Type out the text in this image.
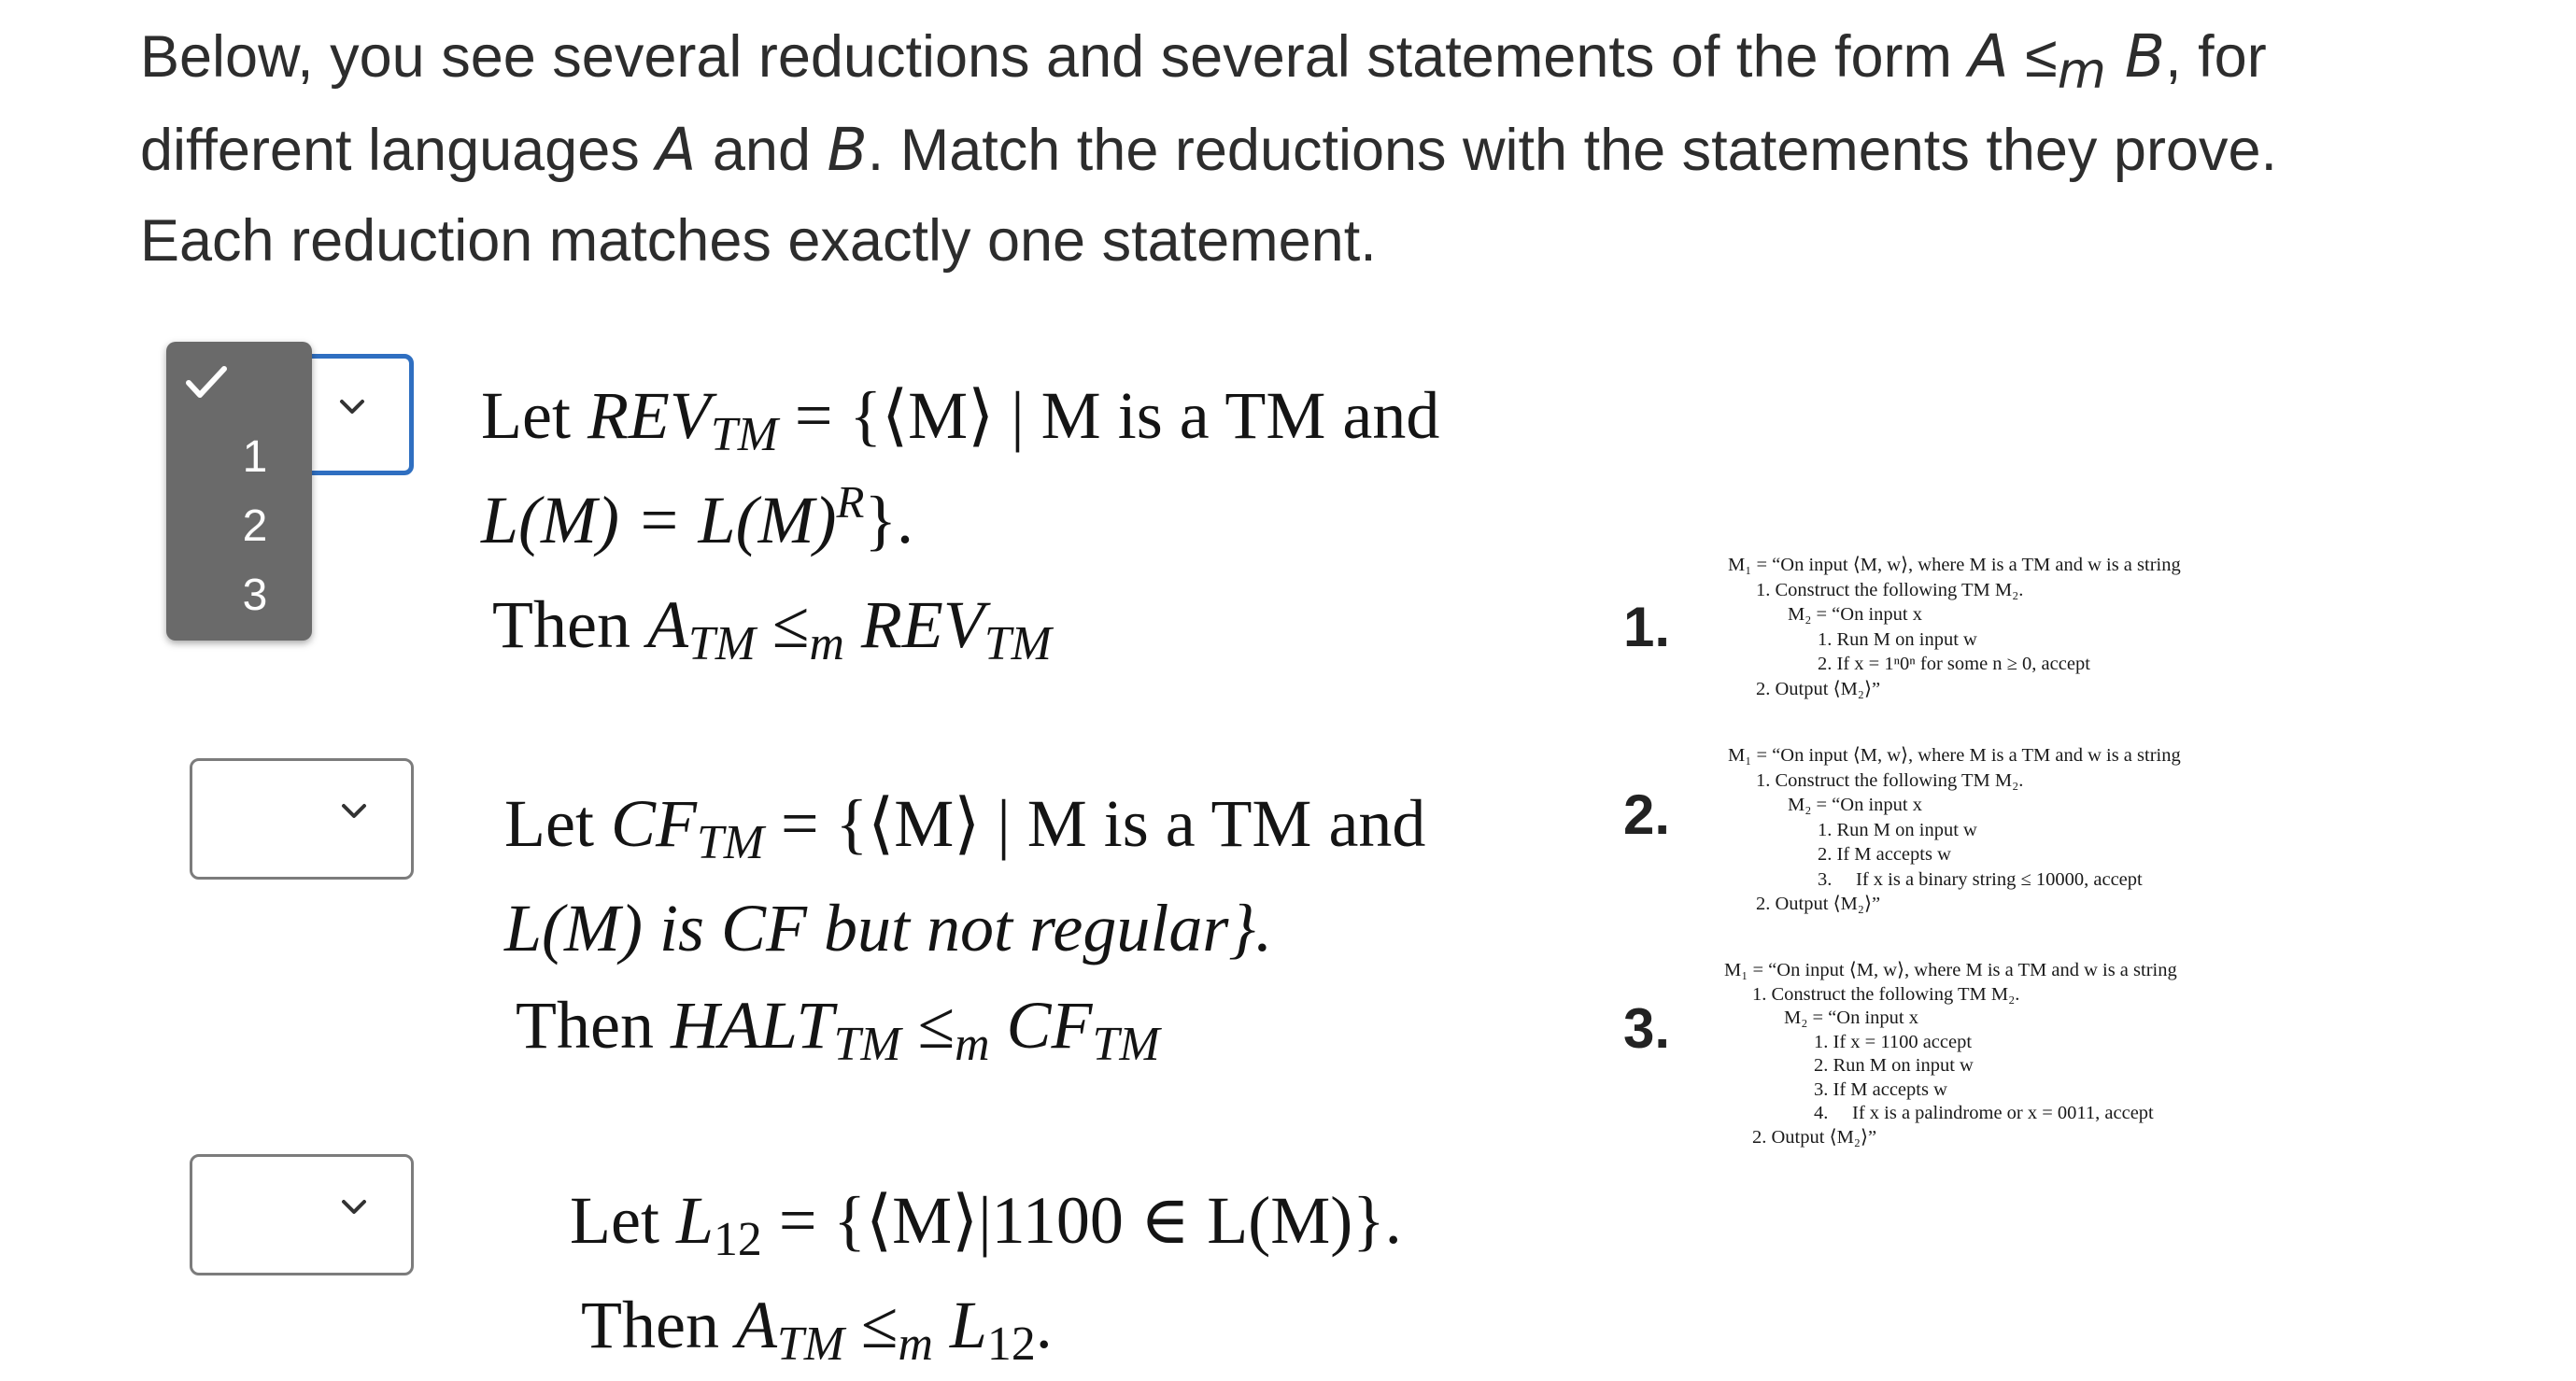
Below, you see several reductions and several statements of the form A ≤m B, for
different languages A and B. Match the reductions with the statements they prove.
Each reduction matches exactly one statement.
1
2
3
Let REVTM = {⟨M⟩ | M is a TM and
$L(M) = L(M)^R$}.
Then ATM ≤m REVTM
Let CFTM = {⟨M⟩ | M is a TM and
L(M) is CF but not regular}.
Then HALTTM ≤m CFTM
Let L12 = {⟨M⟩|1100 ∈ L(M)}.
Then ATM ≤m L12.
1.
2.
3.
M₁ = “On input ⟨M, w⟩, where M is a TM and w is a string
1. Construct the following TM M₂.
M₂ = “On input x
1. Run M on input w
2. If x = 1ⁿ0ⁿ for some n ≥ 0, accept
2. Output ⟨M₂⟩”
M₁ = “On input ⟨M, w⟩, where M is a TM and w is a string
1. Construct the following TM M₂.
M₂ = “On input x
1. Run M on input w
2. If M accepts w
3.     If x is a binary string ≤ 10000, accept
2. Output ⟨M₂⟩”
M₁ = “On input ⟨M, w⟩, where M is a TM and w is a string
1. Construct the following TM M₂.
M₂ = “On input x
1. If x = 1100 accept
2. Run M on input w
3. If M accepts w
4.     If x is a palindrome or x = 0011, accept
2. Output ⟨M₂⟩”
